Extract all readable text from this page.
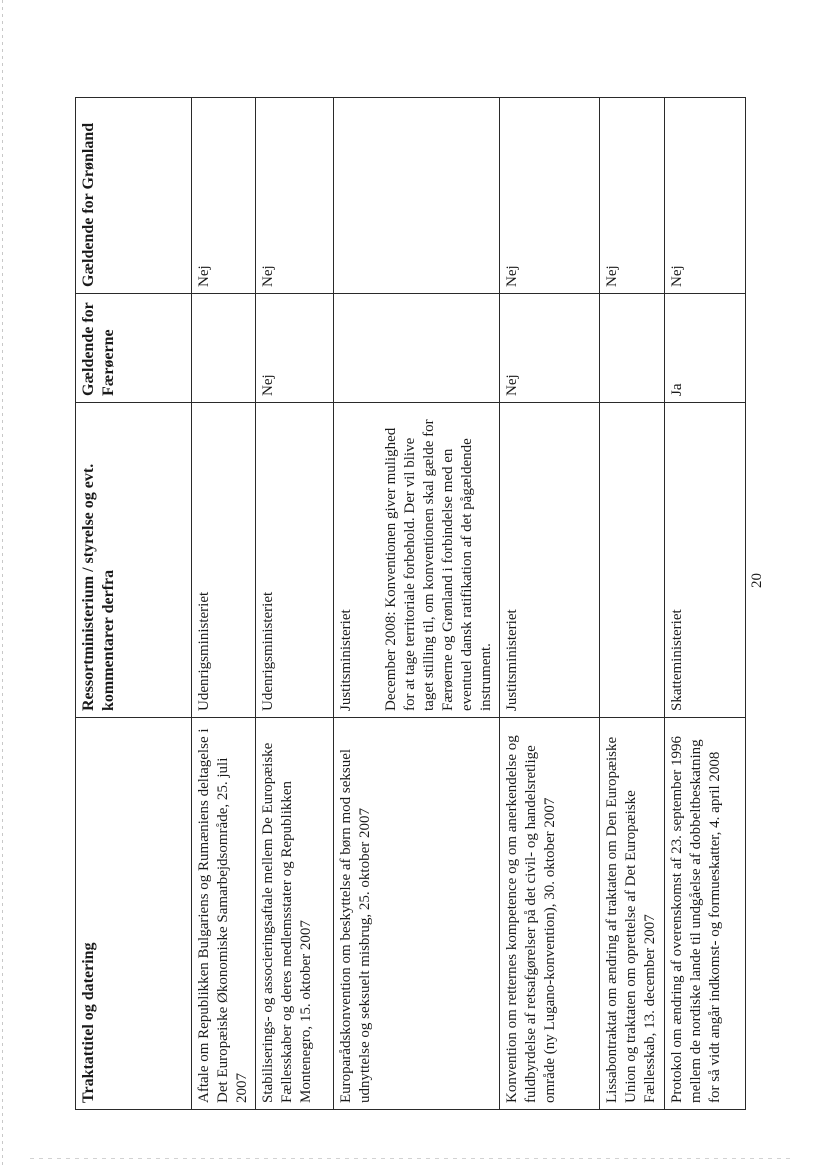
Traktattitel og datering	Ressortministerium / styrelse og evt. kommentarer derfra	Gældende for Færøerne	Gældende for Grønland
Aftale om Republikken Bulgariens og Rumæniens deltagelse i Det Europæiske Økonomiske Samarbejdsområde, 25. juli 2007	Udenrigsministeriet		Nej
Stabiliserings- og associeringsaftale mellem De Europæiske Fællesskaber og deres medlemsstater og Republikken Montenegro, 15. oktober 2007	Udenrigsministeriet	Nej	Nej
Europarådskonvention om beskyttelse af børn mod seksuel udnyttelse og seksuelt misbrug, 25. oktober 2007	Justitsministeriet December 2008: Konventionen giver mulighed for at tage territoriale forbehold. Der vil blive taget stilling til, om konventionen skal gælde for Færøerne og Grønland i forbindelse med en eventuel dansk ratifikation af det pågældende instrument.		

Konvention om retternes kompetence og om anerkendelse og fuldbyrdelse af retsafgørelser på det civil- og handelsretlige område (ny Lugano-konvention), 30. oktober 2007	Justitsministeriet	Nej	Nej
Lissabontraktat om ændring af traktaten om Den Europæiske Union og traktaten om oprettelse af Det Europæiske Fællesskab, 13. december 2007			Nej
Protokol om ændring af overenskomst af 23. september 1996 mellem de nordiske lande til undgåelse af dobbeltbeskatning for så vidt angår indkomst- og formueskatter, 4. april 2008	Skatteministeriet	Ja	Nej
20
